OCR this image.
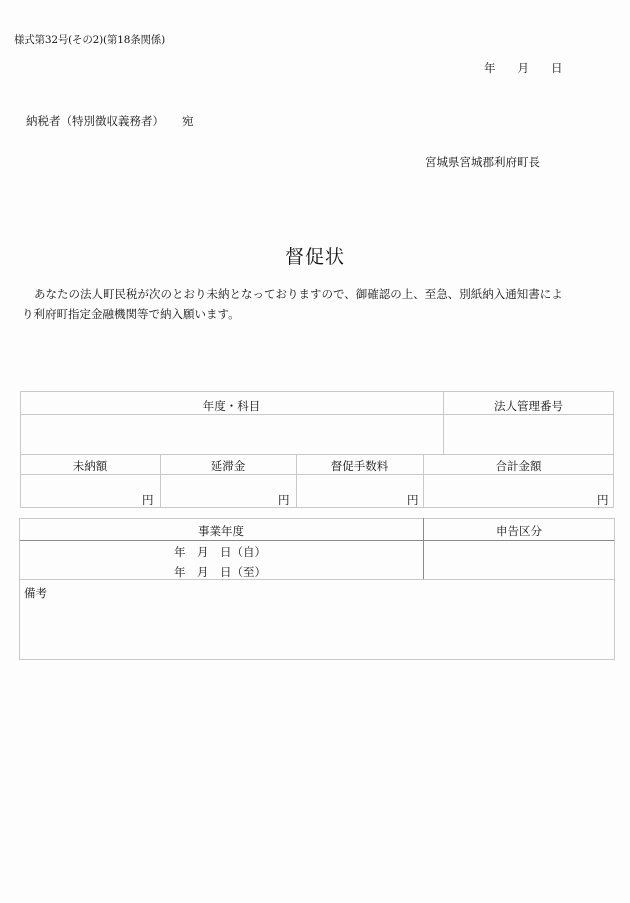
様式第32号(その2)(第18条関係)
年 月 日
納税者（特別徴収義務者） 宛
宮城県宮城郡利府町長
督促状
あなたの法人町民税が次のとおり未納となっておりますので、御確認の上、至急、別紙納入通知書により利府町指定金融機関等で納入願います。
年度・科目	法人管理番号
未納額	延滞金	督促手数料	合計金額
円	円	円	円
事業年度	申告区分
年　月　日（自）
年　月　日（至）
備考
